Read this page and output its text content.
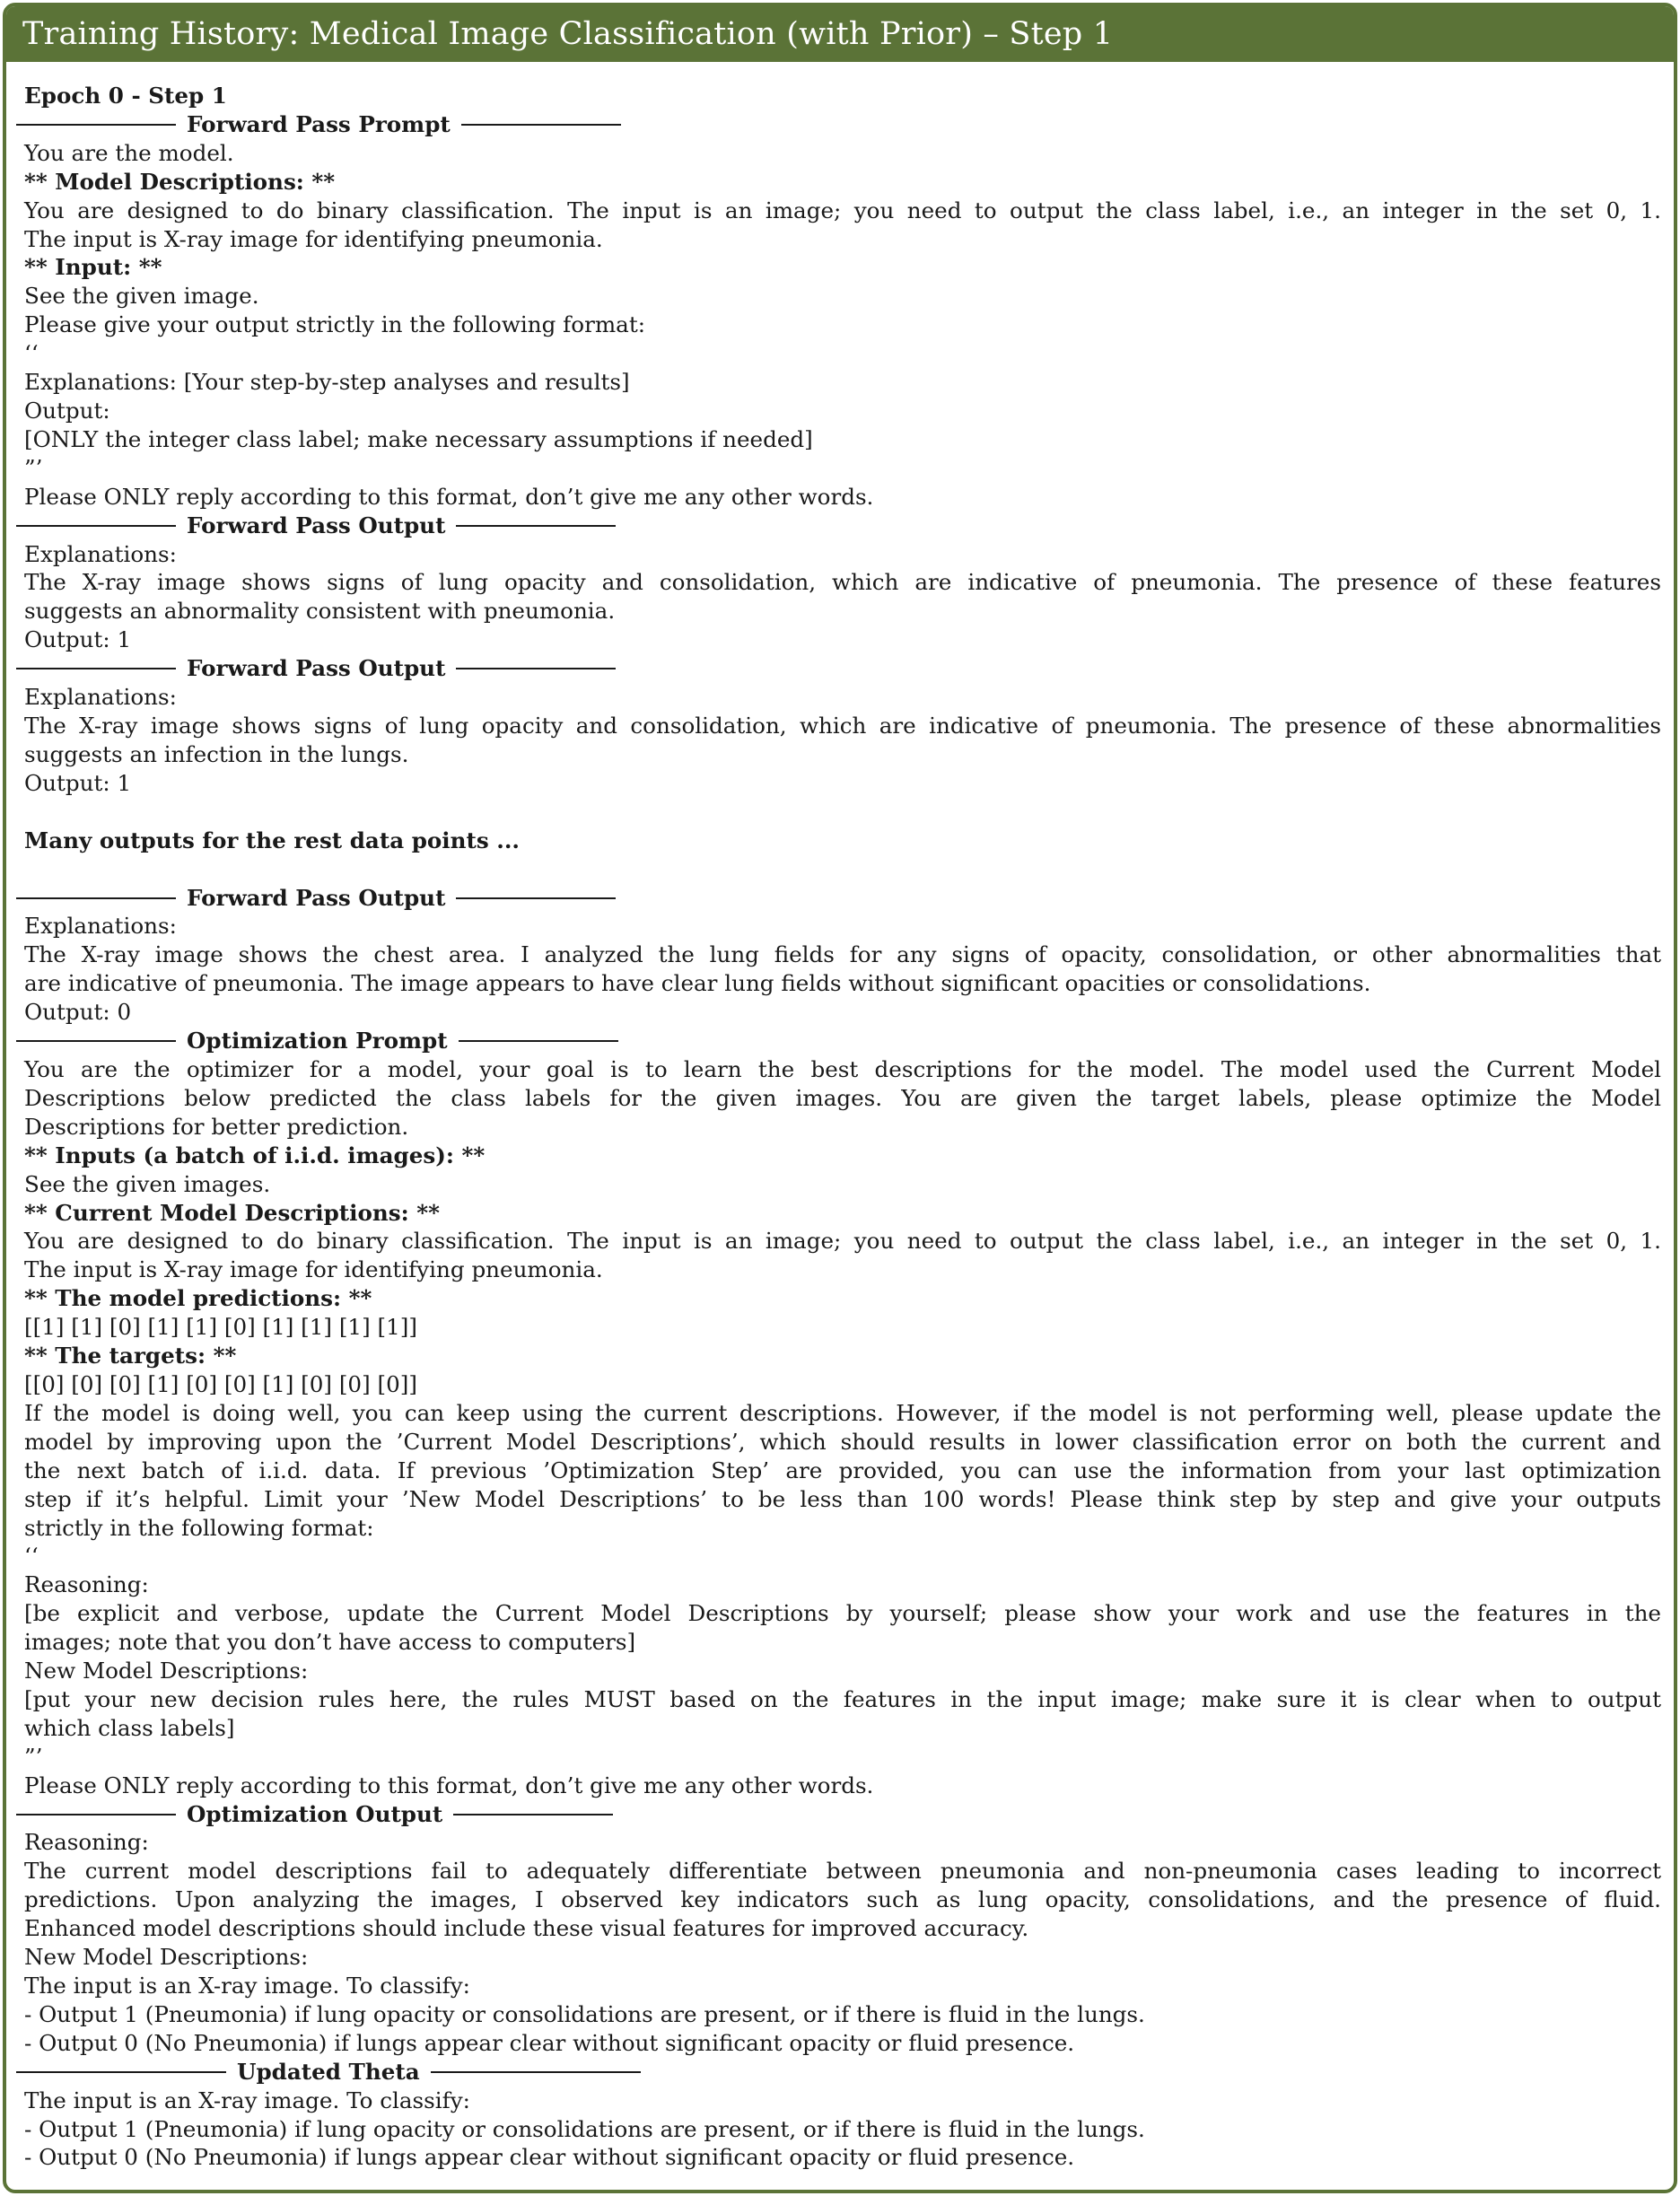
Training History: Medical Image Classification (with Prior) – Step 1
Epoch 0 - Step 1
Forward Pass Prompt
You are the model.
** Model Descriptions: **
You are designed to do binary classification. The input is an image; you need to output the class label, i.e., an integer in the set 0, 1.
The input is X-ray image for identifying pneumonia.
** Input: **
See the given image.
Please give your output strictly in the following format:
‘‘
Explanations: [Your step-by-step analyses and results]
Output:
[ONLY the integer class label; make necessary assumptions if needed]
”’
Please ONLY reply according to this format, don’t give me any other words.
Forward Pass Output
Explanations:
The X-ray image shows signs of lung opacity and consolidation, which are indicative of pneumonia. The presence of these features
suggests an abnormality consistent with pneumonia.
Output: 1
Forward Pass Output
Explanations:
The X-ray image shows signs of lung opacity and consolidation, which are indicative of pneumonia. The presence of these abnormalities
suggests an infection in the lungs.
Output: 1
Many outputs for the rest data points ...
Forward Pass Output
Explanations:
The X-ray image shows the chest area. I analyzed the lung fields for any signs of opacity, consolidation, or other abnormalities that
are indicative of pneumonia. The image appears to have clear lung fields without significant opacities or consolidations.
Output: 0
Optimization Prompt
You are the optimizer for a model, your goal is to learn the best descriptions for the model. The model used the Current Model
Descriptions below predicted the class labels for the given images. You are given the target labels, please optimize the Model
Descriptions for better prediction.
** Inputs (a batch of i.i.d. images): **
See the given images.
** Current Model Descriptions: **
You are designed to do binary classification. The input is an image; you need to output the class label, i.e., an integer in the set 0, 1.
The input is X-ray image for identifying pneumonia.
** The model predictions: **
[[1] [1] [0] [1] [1] [0] [1] [1] [1] [1]]
** The targets: **
[[0] [0] [0] [1] [0] [0] [1] [0] [0] [0]]
If the model is doing well, you can keep using the current descriptions. However, if the model is not performing well, please update the
model by improving upon the ’Current Model Descriptions’, which should results in lower classification error on both the current and
the next batch of i.i.d. data. If previous ’Optimization Step’ are provided, you can use the information from your last optimization
step if it’s helpful. Limit your ’New Model Descriptions’ to be less than 100 words! Please think step by step and give your outputs
strictly in the following format:
‘‘
Reasoning:
[be explicit and verbose, update the Current Model Descriptions by yourself; please show your work and use the features in the
images; note that you don’t have access to computers]
New Model Descriptions:
[put your new decision rules here, the rules MUST based on the features in the input image; make sure it is clear when to output
which class labels]
”’
Please ONLY reply according to this format, don’t give me any other words.
Optimization Output
Reasoning:
The current model descriptions fail to adequately differentiate between pneumonia and non-pneumonia cases leading to incorrect
predictions. Upon analyzing the images, I observed key indicators such as lung opacity, consolidations, and the presence of fluid.
Enhanced model descriptions should include these visual features for improved accuracy.
New Model Descriptions:
The input is an X-ray image. To classify:
- Output 1 (Pneumonia) if lung opacity or consolidations are present, or if there is fluid in the lungs.
- Output 0 (No Pneumonia) if lungs appear clear without significant opacity or fluid presence.
Updated Theta
The input is an X-ray image. To classify:
- Output 1 (Pneumonia) if lung opacity or consolidations are present, or if there is fluid in the lungs.
- Output 0 (No Pneumonia) if lungs appear clear without significant opacity or fluid presence.
